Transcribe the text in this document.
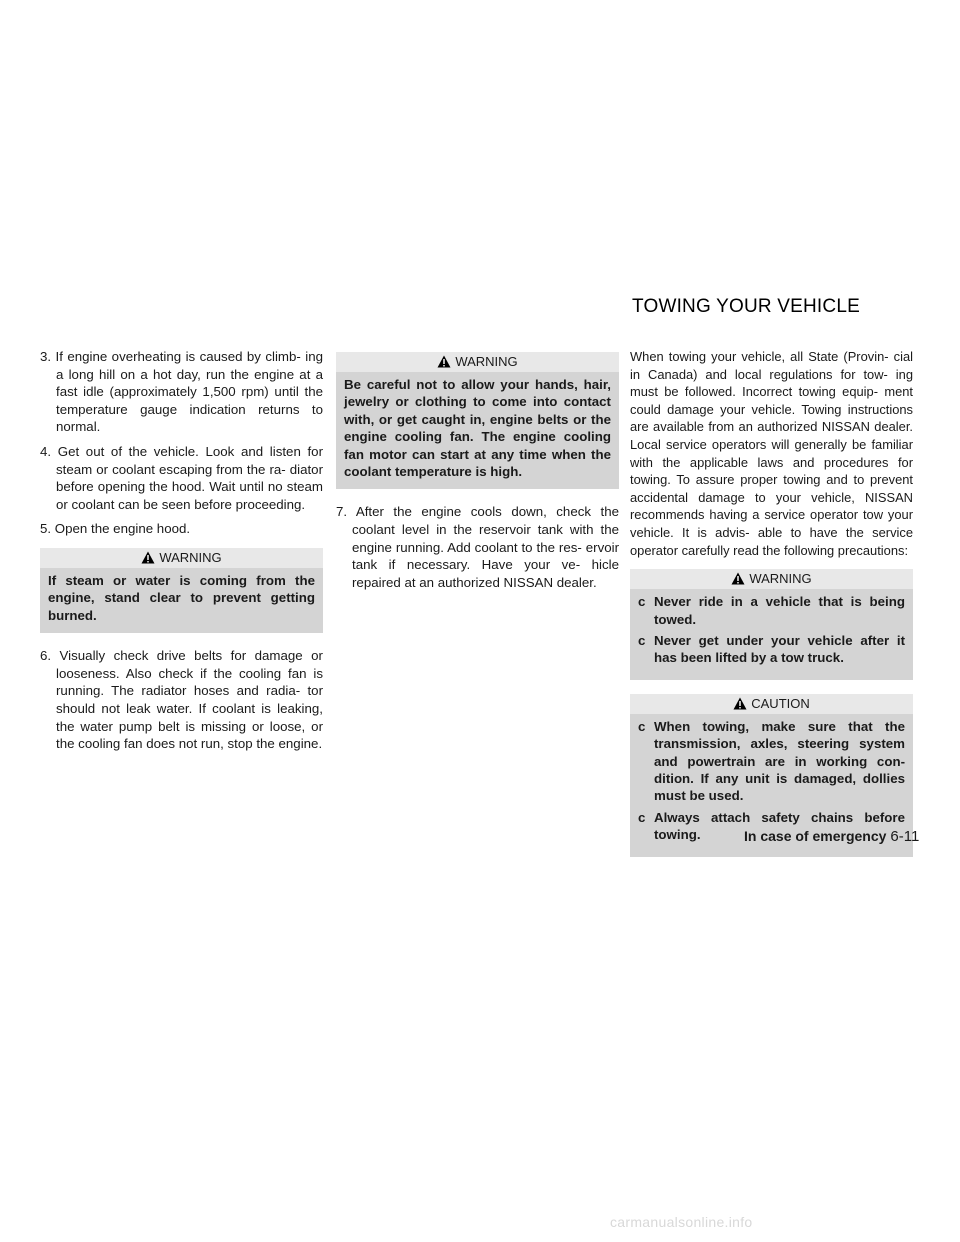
TOWING YOUR VEHICLE

3. If engine overheating is caused by climb- ing a long hill on a hot day, run the engine at a fast idle (approximately 1,500 rpm) until the temperature gauge indication returns to normal.

4. Get out of the vehicle. Look and listen for steam or coolant escaping from the ra- diator before opening the hood. Wait until no steam or coolant can be seen before proceeding.

5. Open the engine hood.

WARNING
If steam or water is coming from the engine, stand clear to prevent getting burned.

6. Visually check drive belts for damage or looseness. Also check if the cooling fan is running. The radiator hoses and radia- tor should not leak water. If coolant is leaking, the water pump belt is missing or loose, or the cooling fan does not run, stop the engine.

WARNING
Be careful not to allow your hands, hair, jewelry or clothing to come into contact with, or get caught in, engine belts or the engine cooling fan. The engine cooling fan motor can start at any time when the coolant temperature is high.

7. After the engine cools down, check the coolant level in the reservoir tank with the engine running. Add coolant to the res- ervoir tank if necessary. Have your ve- hicle repaired at an authorized NISSAN dealer.

When towing your vehicle, all State (Provin- cial in Canada) and local regulations for tow- ing must be followed. Incorrect towing equip- ment could damage your vehicle. Towing instructions are available from an authorized NISSAN dealer. Local service operators will generally be familiar with the applicable laws and procedures for towing. To assure proper towing and to prevent accidental damage to your vehicle, NISSAN recommends having a service operator tow your vehicle. It is advis- able to have the service operator carefully read the following precautions:

WARNING
c Never ride in a vehicle that is being towed.
c Never get under your vehicle after it has been lifted by a tow truck.
CAUTION
c When towing, make sure that the transmission, axles, steering system and powertrain are in working con- dition. If any unit is damaged, dollies must be used.
c Always attach safety chains before towing.	In case of emergency 6-11
carmanualsonline.info
